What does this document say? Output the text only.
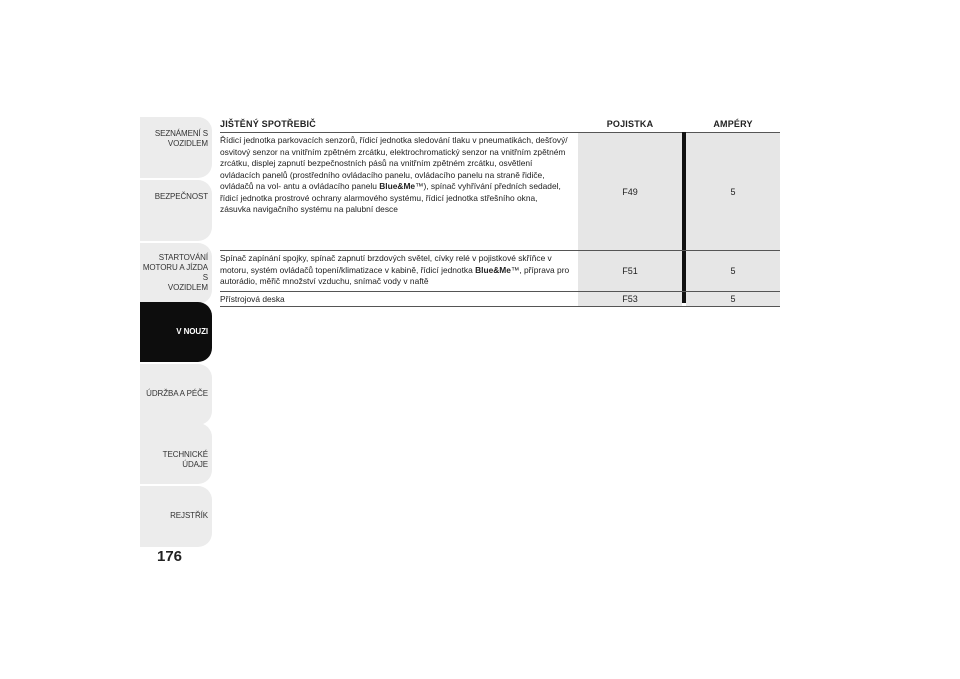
SEZNÁMENÍ S
VOZIDLEM
BEZPEČNOST
STARTOVÁNÍ
MOTORU A JÍZDA S
VOZIDLEM
V NOUZI
ÚDRŽBA A PÉČE
TECHNICKÉ ÚDAJE
REJSTŘÍK
176
JIŠTĚNÝ SPOTŘEBIČ	POJISTKA	AMPÉRY
Řídicí jednotka parkovacích senzorů, řídicí jednotka sledování tlaku v pneumatikách, dešťový/ osvitový senzor na vnitřním zpětném zrcátku, elektrochromatický senzor na vnitřním zpětném zrcátku, displej zapnutí bezpečnostních pásů na vnitřním zpětném zrcátku, osvětlení ovládacích panelů (prostředního ovládacího panelu, ovládacího panelu na straně řidiče, ovládačů na vol- antu a ovládacího panelu Blue&Me™), spínač vyhřívání předních sedadel, řídicí jednotka prostrové ochrany alarmového systému, řídicí jednotka střešního okna, zásuvka navigačního systému na palubní desce
F49	5
Spínač zapínání spojky, spínač zapnutí brzdových světel, cívky relé v pojistkové skříňce v motoru, systém ovládačů topení/klimatizace v kabině, řídicí jednotka Blue&Me™, příprava pro autorádio, měřič množství vzduchu, snímač vody v naftě
F51	5
Přístrojová deska	F53	5
